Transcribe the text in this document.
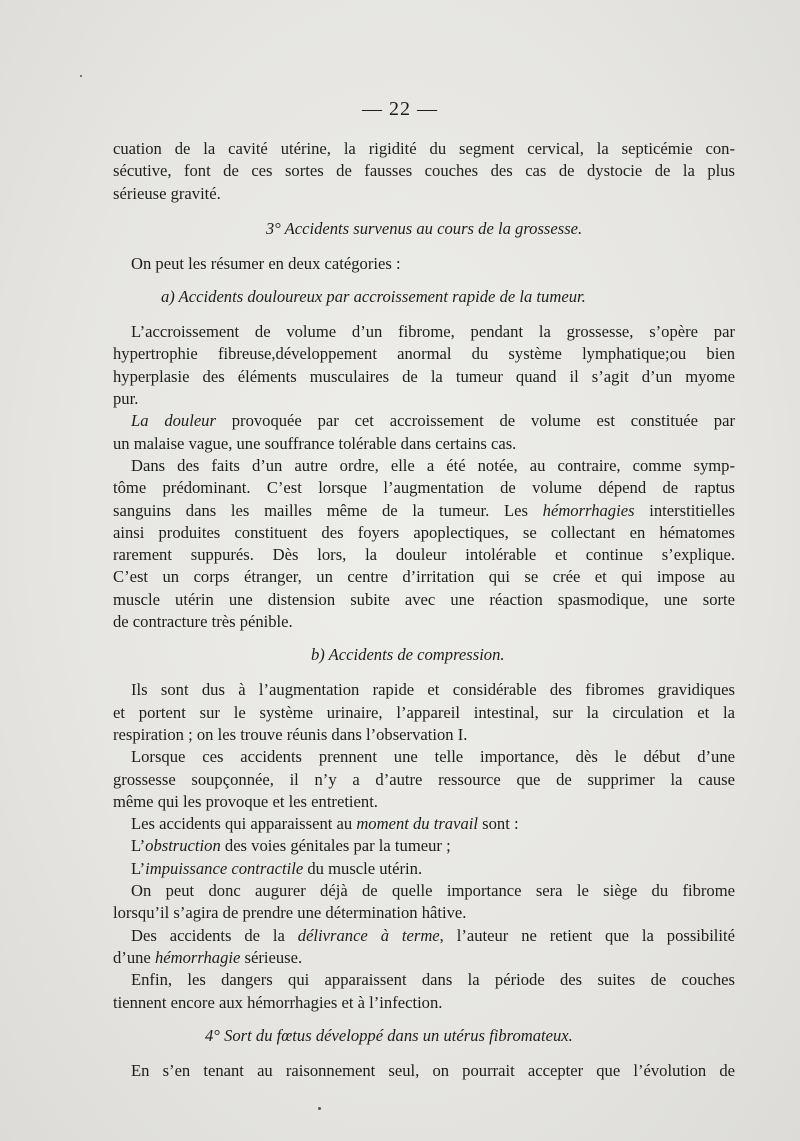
— 22 —
cuation de la cavité utérine, la rigidité du segment cervical, la septicémie con-
sécutive, font de ces sortes de fausses couches des cas de dystocie de la plus
sérieuse gravité.
3° Accidents survenus au cours de la grossesse.
On peut les résumer en deux catégories :
a) Accidents douloureux par accroissement rapide de la tumeur.
L’accroissement de volume d’un fibrome, pendant la grossesse, s’opère par
hypertrophie fibreuse,développement anormal du système lymphatique;ou bien
hyperplasie des éléments musculaires de la tumeur quand il s’agit d’un myome
pur.
La douleur provoquée par cet accroissement de volume est constituée par
un malaise vague, une souffrance tolérable dans certains cas.
Dans des faits d’un autre ordre, elle a été notée, au contraire, comme symp-
tôme prédominant. C’est lorsque l’augmentation de volume dépend de raptus
sanguins dans les mailles même de la tumeur. Les hémorrhagies interstitielles
ainsi produites constituent des foyers apoplectiques, se collectant en hématomes
rarement suppurés. Dès lors, la douleur intolérable et continue s’explique.
C’est un corps étranger, un centre d’irritation qui se crée et qui impose au
muscle utérin une distension subite avec une réaction spasmodique, une sorte
de contracture très pénible.
b) Accidents de compression.
Ils sont dus à l’augmentation rapide et considérable des fibromes gravidiques
et portent sur le système urinaire, l’appareil intestinal, sur la circulation et la
respiration ; on les trouve réunis dans l’observation I.
Lorsque ces accidents prennent une telle importance, dès le début d’une
grossesse soupçonnée, il n’y a d’autre ressource que de supprimer la cause
même qui les provoque et les entretient.
Les accidents qui apparaissent au moment du travail sont :
L’obstruction des voies génitales par la tumeur ;
L’impuissance contractile du muscle utérin.
On peut donc augurer déjà de quelle importance sera le siège du fibrome
lorsqu’il s’agira de prendre une détermination hâtive.
Des accidents de la délivrance à terme, l’auteur ne retient que la possibilité
d’une hémorrhagie sérieuse.
Enfin, les dangers qui apparaissent dans la période des suites de couches
tiennent encore aux hémorrhagies et à l’infection.
4° Sort du fœtus développé dans un utérus fibromateux.
En s’en tenant au raisonnement seul, on pourrait accepter que l’évolution de
